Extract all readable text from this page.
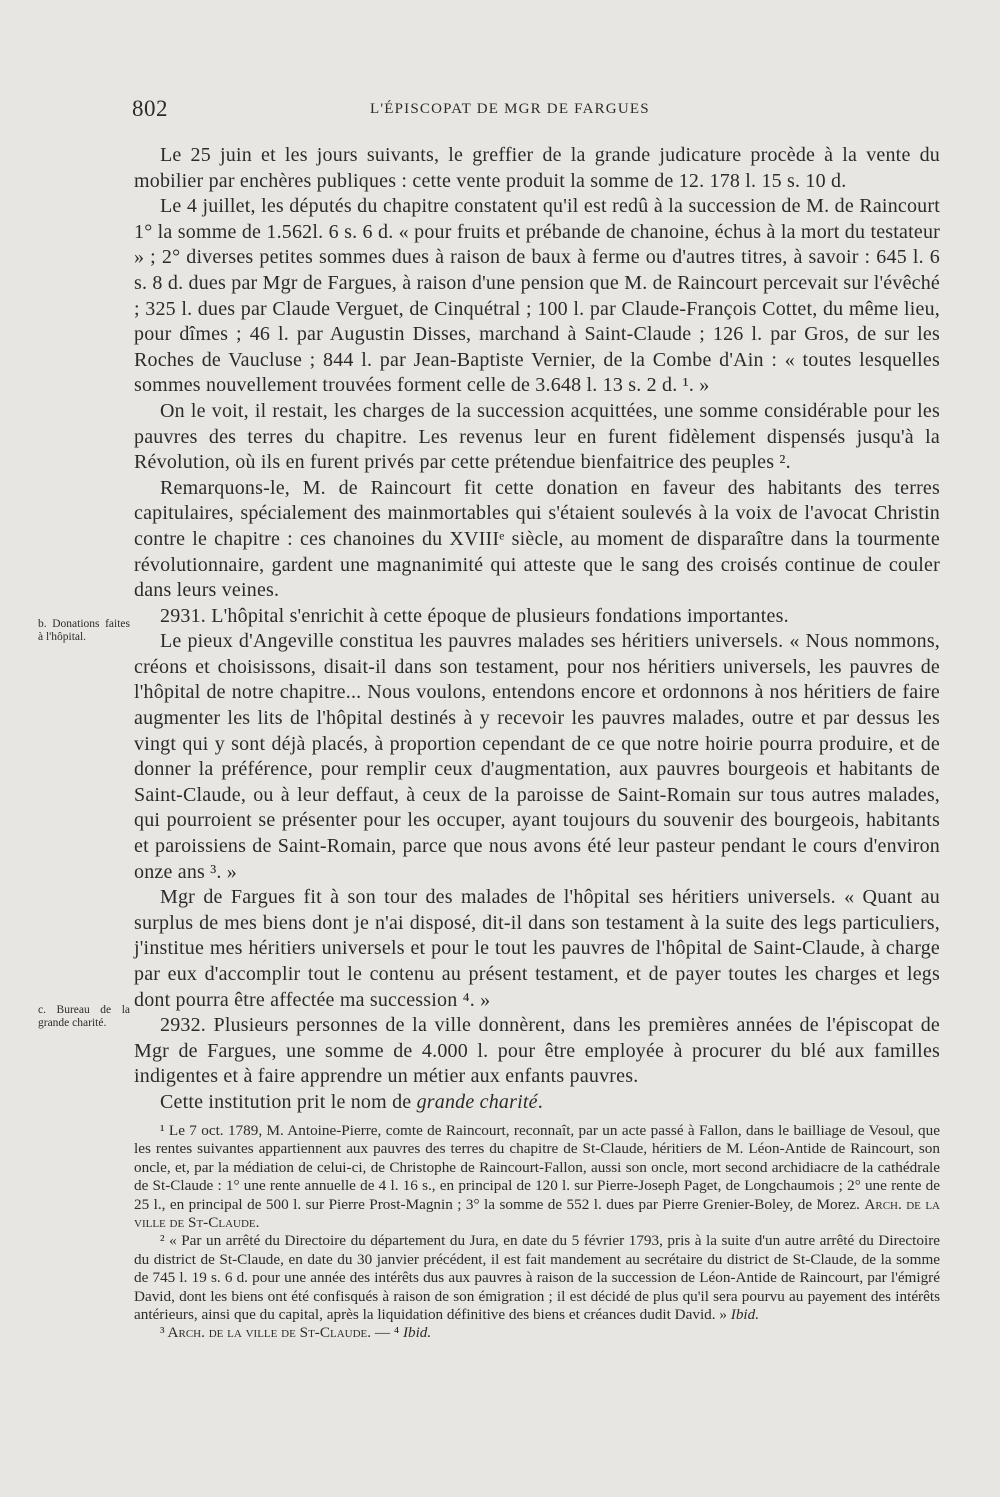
802	L'ÉPISCOPAT DE MGR DE FARGUES

Le 25 juin et les jours suivants, le greffier de la grande judicature procède à la vente du mobilier par enchères publiques : cette vente produit la somme de 12. 178 l. 15 s. 10 d.

Le 4 juillet, les députés du chapitre constatent qu'il est redû à la succession de M. de Raincourt 1° la somme de 1.562l. 6 s. 6 d. « pour fruits et prébande de chanoine, échus à la mort du testateur » ; 2° diverses petites sommes dues à raison de baux à ferme ou d'autres titres, à savoir : 645 l. 6 s. 8 d. dues par Mgr de Fargues, à raison d'une pension que M. de Raincourt percevait sur l'évêché ; 325 l. dues par Claude Verguet, de Cinquétral ; 100 l. par Claude-François Cottet, du même lieu, pour dîmes ; 46 l. par Augustin Disses, marchand à Saint-Claude ; 126 l. par Gros, de sur les Roches de Vaucluse ; 844 l. par Jean-Baptiste Vernier, de la Combe d'Ain : « toutes lesquelles sommes nouvellement trouvées forment celle de 3.648 l. 13 s. 2 d. ¹. »

On le voit, il restait, les charges de la succession acquittées, une somme considérable pour les pauvres des terres du chapitre. Les revenus leur en furent fidèlement dispensés jusqu'à la Révolution, où ils en furent privés par cette prétendue bienfaitrice des peuples ².

Remarquons-le, M. de Raincourt fit cette donation en faveur des habitants des terres capitulaires, spécialement des mainmortables qui s'étaient soulevés à la voix de l'avocat Christin contre le chapitre : ces chanoines du XVIIIᵉ siècle, au moment de disparaître dans la tourmente révolutionnaire, gardent une magnanimité qui atteste que le sang des croisés continue de couler dans leurs veines.

2931. L'hôpital s'enrichit à cette époque de plusieurs fondations importantes.

Le pieux d'Angeville constitua les pauvres malades ses héritiers universels. « Nous nommons, créons et choisissons, disait-il dans son testament, pour nos héritiers universels, les pauvres de l'hôpital de notre chapitre... Nous voulons, entendons encore et ordonnons à nos héritiers de faire augmenter les lits de l'hôpital destinés à y recevoir les pauvres malades, outre et par dessus les vingt qui y sont déjà placés, à proportion cependant de ce que notre hoirie pourra produire, et de donner la préférence, pour remplir ceux d'augmentation, aux pauvres bourgeois et habitants de Saint-Claude, ou à leur deffaut, à ceux de la paroisse de Saint-Romain sur tous autres malades, qui pourroient se présenter pour les occuper, ayant toujours du souvenir des bourgeois, habitants et paroissiens de Saint-Romain, parce que nous avons été leur pasteur pendant le cours d'environ onze ans ³. »

Mgr de Fargues fit à son tour des malades de l'hôpital ses héritiers universels. « Quant au surplus de mes biens dont je n'ai disposé, dit-il dans son testament à la suite des legs particuliers, j'institue mes héritiers universels et pour le tout les pauvres de l'hôpital de Saint-Claude, à charge par eux d'accomplir tout le contenu au présent testament, et de payer toutes les charges et legs dont pourra être affectée ma succession ⁴. »

2932. Plusieurs personnes de la ville donnèrent, dans les premières années de l'épiscopat de Mgr de Fargues, une somme de 4.000 l. pour être employée à procurer du blé aux familles indigentes et à faire apprendre un métier aux enfants pauvres.

Cette institution prit le nom de grande charité.

b. Donations faites à l'hôpital.
c. Bureau de la grande charité.

¹ Le 7 oct. 1789, M. Antoine-Pierre, comte de Raincourt, reconnaît, par un acte passé à Fallon, dans le bailliage de Vesoul, que les rentes suivantes appartiennent aux pauvres des terres du chapitre de St-Claude, héritiers de M. Léon-Antide de Raincourt, son oncle, et, par la médiation de celui-ci, de Christophe de Raincourt-Fallon, aussi son oncle, mort second archidiacre de la cathédrale de St-Claude : 1° une rente annuelle de 4 l. 16 s., en principal de 120 l. sur Pierre-Joseph Paget, de Longchaumois ; 2° une rente de 25 l., en principal de 500 l. sur Pierre Prost-Magnin ; 3° la somme de 552 l. dues par Pierre Grenier-Boley, de Morez. Arch. de la ville de St-Claude.

² « Par un arrêté du Directoire du département du Jura, en date du 5 février 1793, pris à la suite d'un autre arrêté du Directoire du district de St-Claude, en date du 30 janvier précédent, il est fait mandement au secrétaire du district de St-Claude, de la somme de 745 l. 19 s. 6 d. pour une année des intérêts dus aux pauvres à raison de la succession de Léon-Antide de Raincourt, par l'émigré David, dont les biens ont été confisqués à raison de son émigration ; il est décidé de plus qu'il sera pourvu au payement des intérêts antérieurs, ainsi que du capital, après la liquidation définitive des biens et créances dudit David. » Ibid.

³ Arch. de la ville de St-Claude. — ⁴ Ibid.
